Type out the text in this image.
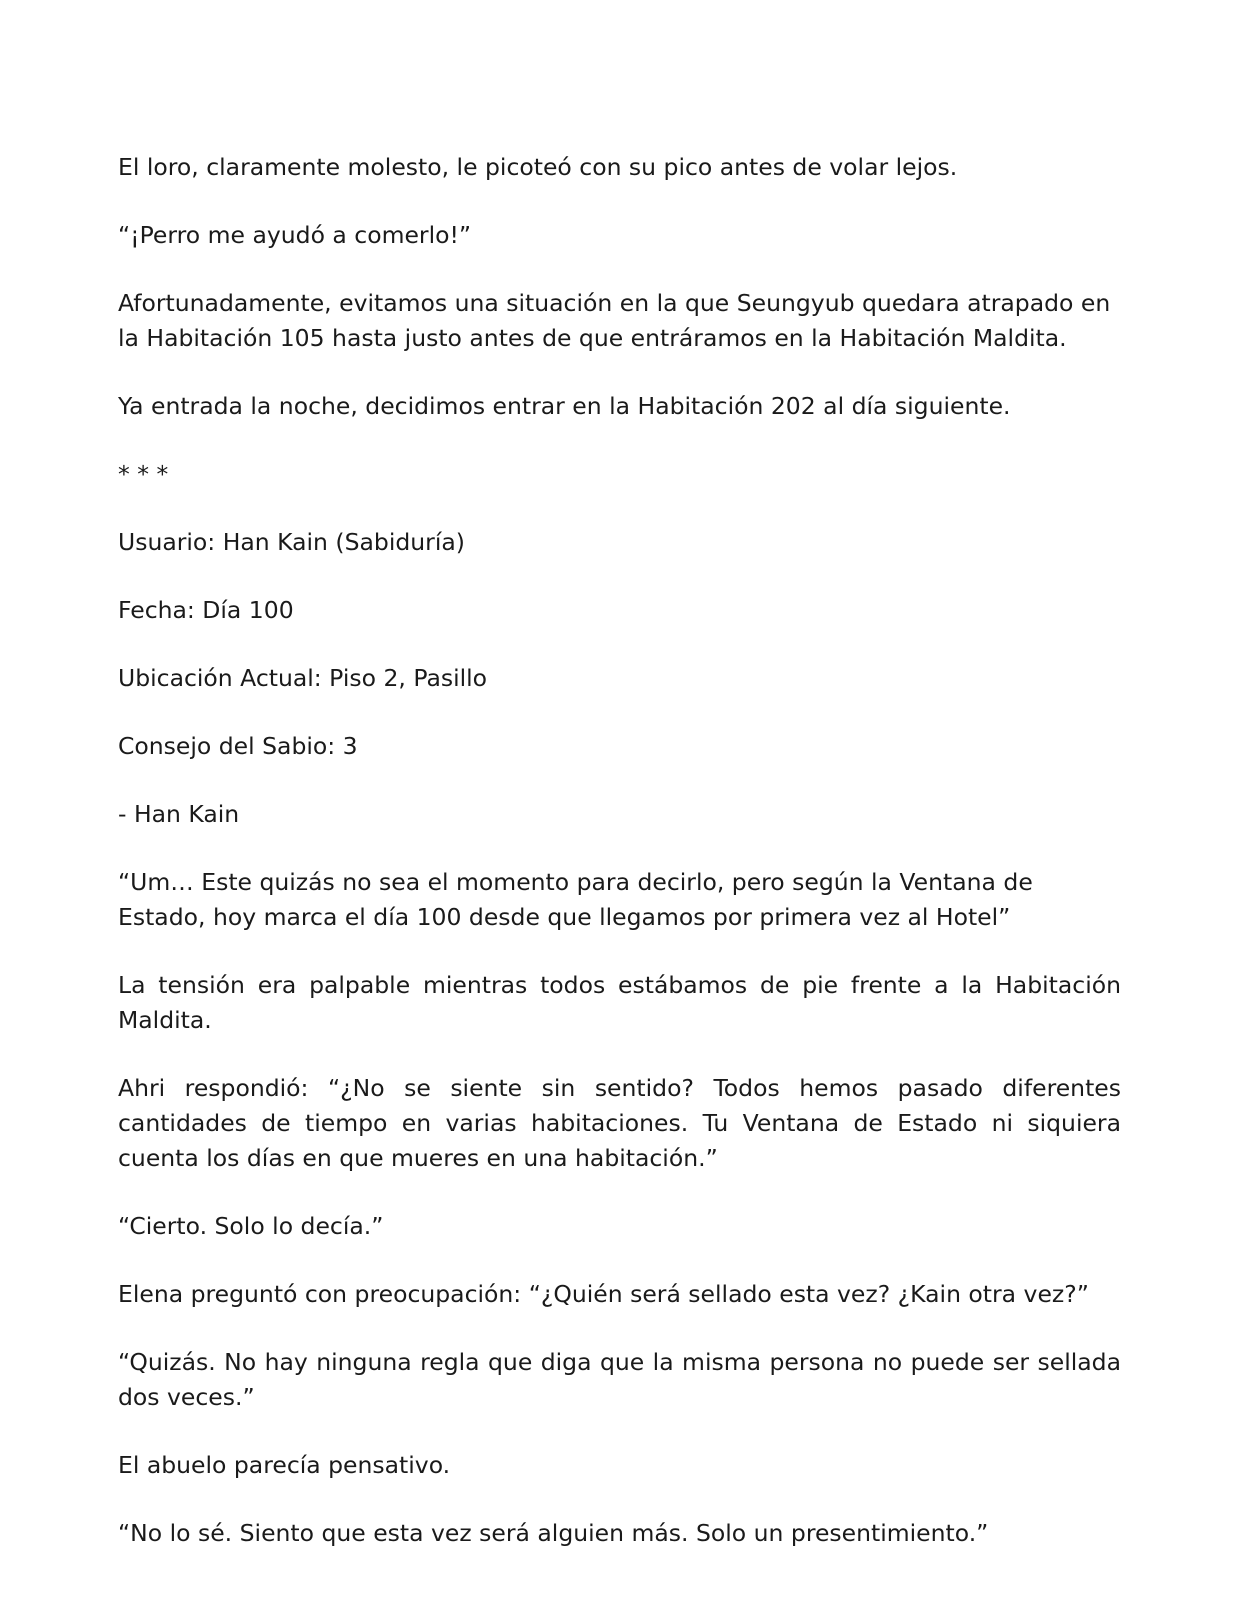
El loro, claramente molesto, le picoteó con su pico antes de volar lejos.

“¡Perro me ayudó a comerlo!”

Afortunadamente, evitamos una situación en la que Seungyub quedara atrapado en la Habitación 105 hasta justo antes de que entráramos en la Habitación Maldita.

Ya entrada la noche, decidimos entrar en la Habitación 202 al día siguiente.

* * *

Usuario: Han Kain (Sabiduría)

Fecha: Día 100

Ubicación Actual: Piso 2, Pasillo

Consejo del Sabio: 3

- Han Kain

“Um… Este quizás no sea el momento para decirlo, pero según la Ventana de Estado, hoy marca el día 100 desde que llegamos por primera vez al Hotel”

La tensión era palpable mientras todos estábamos de pie frente a la Habitación Maldita.

Ahri respondió: “¿No se siente sin sentido? Todos hemos pasado diferentes cantidades de tiempo en varias habitaciones. Tu Ventana de Estado ni siquiera cuenta los días en que mueres en una habitación.”

“Cierto. Solo lo decía.”

Elena preguntó con preocupación: “¿Quién será sellado esta vez? ¿Kain otra vez?”

“Quizás. No hay ninguna regla que diga que la misma persona no puede ser sellada dos veces.”

El abuelo parecía pensativo.

“No lo sé. Siento que esta vez será alguien más. Solo un presentimiento.”
